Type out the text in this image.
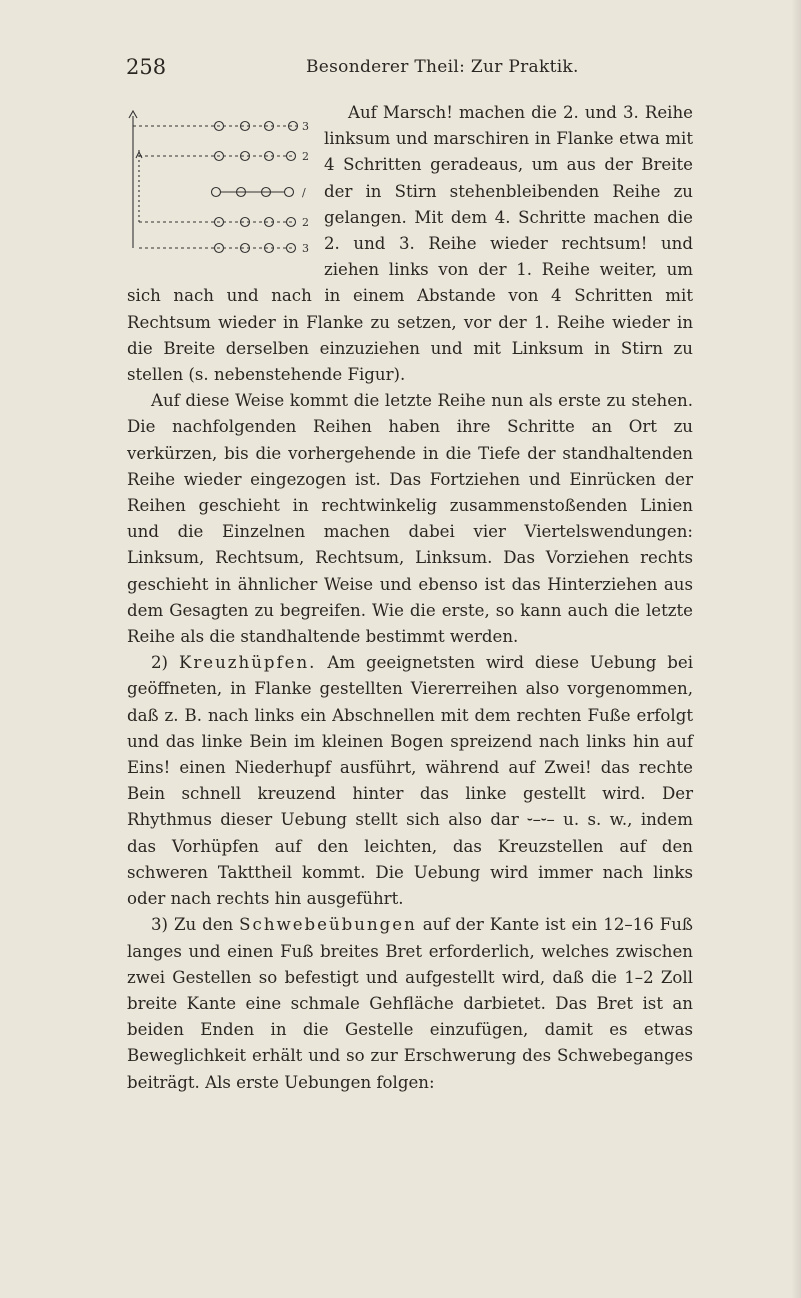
258	Besonderer Theil: Zur Praktik.

3
2
/
2
3
Auf Marsch! machen die 2. und 3. Reihe linksum und marschiren in Flanke etwa mit 4 Schritten geradeaus, um aus der Breite der in Stirn stehenbleibenden Reihe zu gelangen. Mit dem 4. Schritte machen die 2. und 3. Reihe wieder rechtsum! und ziehen links von der 1. Reihe weiter, um sich nach und nach in einem Abstande von 4 Schritten mit Rechtsum wieder in Flanke zu setzen, vor der 1. Reihe wieder in die Breite derselben einzuziehen und mit Linksum in Stirn zu stellen (s. nebenstehende Figur).

Auf diese Weise kommt die letzte Reihe nun als erste zu stehen. Die nachfolgenden Reihen haben ihre Schritte an Ort zu verkürzen, bis die vorhergehende in die Tiefe der standhaltenden Reihe wieder eingezogen ist. Das Fortziehen und Einrücken der Reihen geschieht in rechtwinkelig zusammenstoßenden Linien und die Einzelnen machen dabei vier Viertelswendungen: Linksum, Rechtsum, Rechtsum, Linksum. Das Vorziehen rechts geschieht in ähnlicher Weise und ebenso ist das Hinterziehen aus dem Gesagten zu begreifen. Wie die erste, so kann auch die letzte Reihe als die standhaltende bestimmt werden.

2) Kreuzhüpfen. Am geeignetsten wird diese Uebung bei geöffneten, in Flanke gestellten Viererreihen also vorgenommen, daß z. B. nach links ein Abschnellen mit dem rechten Fuße erfolgt und das linke Bein im kleinen Bogen spreizend nach links hin auf Eins! einen Niederhupf ausführt, während auf Zwei! das rechte Bein schnell kreuzend hinter das linke gestellt wird. Der Rhythmus dieser Uebung stellt sich also dar ⏑–⏑– u. s. w., indem das Vorhüpfen auf den leichten, das Kreuzstellen auf den schweren Takttheil kommt. Die Uebung wird immer nach links oder nach rechts hin ausgeführt.

3) Zu den Schwebeübungen auf der Kante ist ein 12–16 Fuß langes und einen Fuß breites Bret erforderlich, welches zwischen zwei Gestellen so befestigt und aufgestellt wird, daß die 1–2 Zoll breite Kante eine schmale Gehfläche darbietet. Das Bret ist an beiden Enden in die Gestelle einzufügen, damit es etwas Beweglichkeit erhält und so zur Erschwerung des Schwebeganges beiträgt. Als erste Uebungen folgen:
